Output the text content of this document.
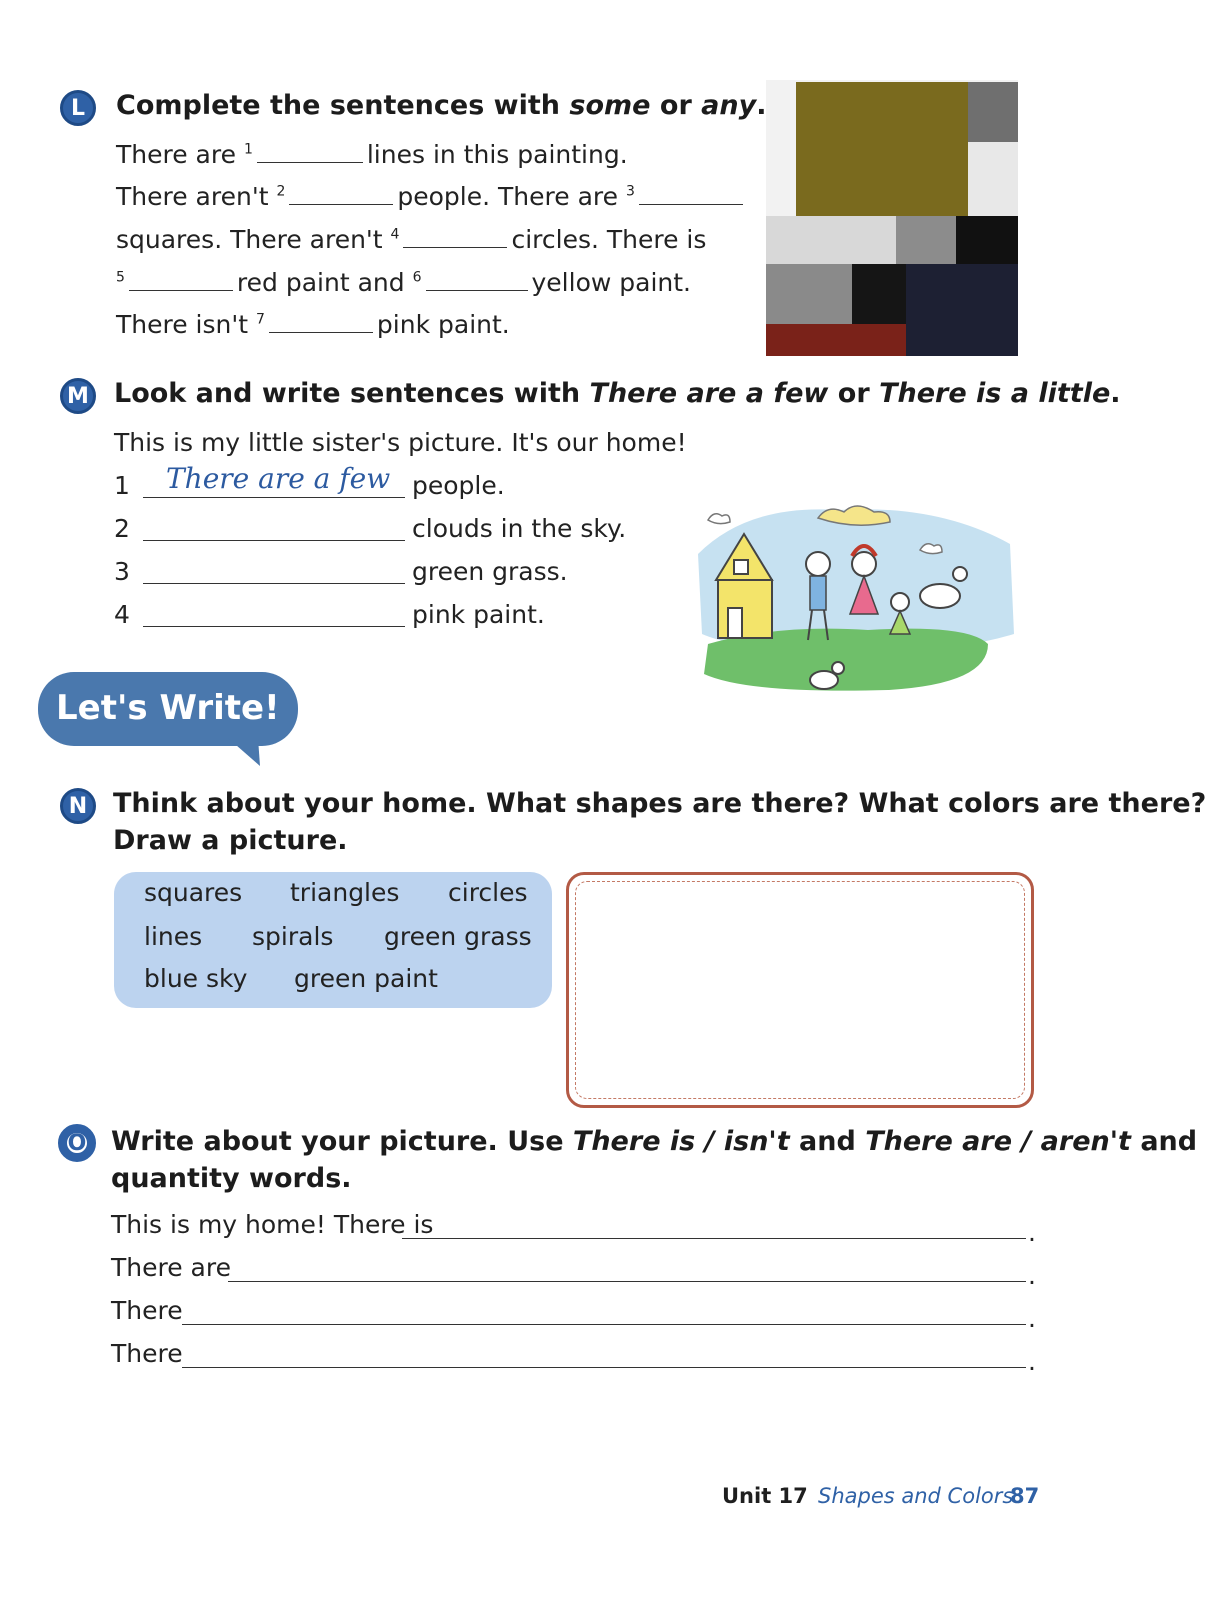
L	Complete the sentences with some or any.
There are $^1$	lines in this painting.
There aren't $^2$	people. There are $^3$
squares. There aren't $^4$	circles. There is
$^5$	red paint and $^6$	yellow paint.
There isn't $^7$	pink paint.
M Look and write sentences with There are a few or There is a little.
This is my little sister's picture. It's our home!
1 There are a few people.
2	clouds in the sky.
3	green grass.
4	pink paint.
Let's Write!
N Think about your home. What shapes are there? What colors are there?
Draw a picture.
squares triangles circles
lines spirals green grass
blue sky green paint
O Write about your picture. Use There is / isn't and There are / aren't and
quantity words.
This is my home! There is	.
There are	.
There	.
There	.
Unit 17 Shapes and Colors
87
